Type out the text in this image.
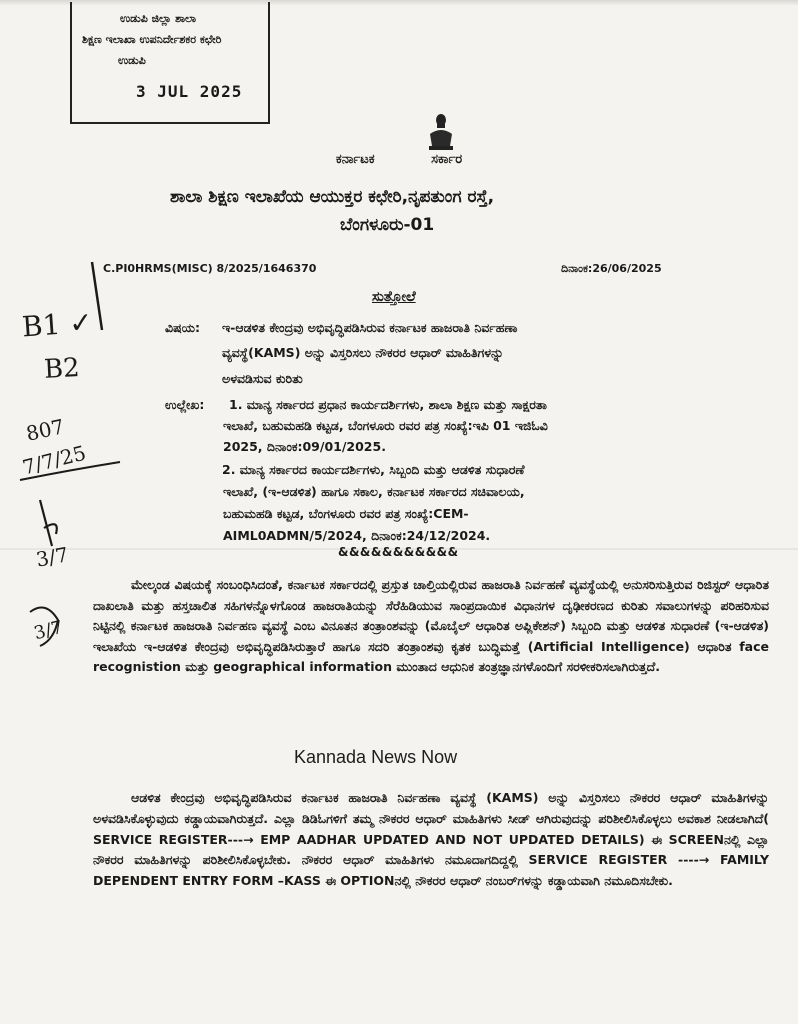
ಉಡುಪಿ ಜಿಲ್ಲಾ ಶಾಲಾ
ಶಿಕ್ಷಣ ಇಲಾಖಾ ಉಪನಿರ್ದೇಶಕರ ಕಛೇರಿ
ಉಡುಪಿ
3 JUL 2025
ಕರ್ನಾಟಕ	ಸರ್ಕಾರ
ಶಾಲಾ ಶಿಕ್ಷಣ ಇಲಾಖೆಯ ಆಯುಕ್ತರ ಕಛೇರಿ,ನೃಪತುಂಗ ರಸ್ತೆ,
ಬೆಂಗಳೂರು-01
C.PI0HRMS(MISC) 8/2025/1646370	ದಿನಾಂಕ:26/06/2025
ಸುತ್ತೋಲೆ
ವಿಷಯ: ಇ-ಆಡಳಿತ ಕೇಂದ್ರವು ಅಭಿವೃದ್ಧಿಪಡಿಸಿರುವ ಕರ್ನಾಟಕ ಹಾಜರಾತಿ ನಿರ್ವಹಣಾ
ವ್ಯವಸ್ಥೆ(KAMS) ಅನ್ನು ವಿಸ್ತರಿಸಲು ನೌಕರರ ಆಧಾರ್ ಮಾಹಿತಿಗಳನ್ನು
ಅಳವಡಿಸುವ ಕುರಿತು
ಉಲ್ಲೇಖ: 1. ಮಾನ್ಯ ಸರ್ಕಾರದ ಪ್ರಧಾನ ಕಾರ್ಯದರ್ಶಿಗಳು, ಶಾಲಾ ಶಿಕ್ಷಣ ಮತ್ತು ಸಾಕ್ಷರತಾ
ಇಲಾಖೆ, ಬಹುಮಹಡಿ ಕಟ್ಟಡ, ಬೆಂಗಳೂರು ರವರ ಪತ್ರ ಸಂಖ್ಯೆ:ಇಪಿ 01 ಇಜಿಓವಿ
2025, ದಿನಾಂಕ:09/01/2025.
2. ಮಾನ್ಯ ಸರ್ಕಾರದ ಕಾರ್ಯದರ್ಶಿಗಳು, ಸಿಬ್ಬಂದಿ ಮತ್ತು ಆಡಳಿತ ಸುಧಾರಣೆ
ಇಲಾಖೆ, (ಇ-ಆಡಳಿತ) ಹಾಗೂ ಸಕಾಲ, ಕರ್ನಾಟಕ ಸರ್ಕಾರದ ಸಚಿವಾಲಯ,
ಬಹುಮಹಡಿ ಕಟ್ಟಡ, ಬೆಂಗಳೂರು ರವರ ಪತ್ರ ಸಂಖ್ಯೆ:CEM-
AIML0ADMN/5/2024, ದಿನಾಂಕ:24/12/2024.
&&&&&&&&&&&
ಮೇಲ್ಕಂಡ ವಿಷಯಕ್ಕೆ ಸಂಬಂಧಿಸಿದಂತೆ, ಕರ್ನಾಟಕ ಸರ್ಕಾರದಲ್ಲಿ ಪ್ರಸ್ತುತ ಚಾಲ್ತಿಯಲ್ಲಿರುವ ಹಾಜರಾತಿ ನಿರ್ವಹಣೆ ವ್ಯವಸ್ಥೆಯಲ್ಲಿ ಅನುಸರಿಸುತ್ತಿರುವ ರಿಜಿಸ್ಟರ್ ಆಧಾರಿತ ದಾಖಲಾತಿ ಮತ್ತು ಹಸ್ತಚಾಲಿತ ಸಹಿಗಳನ್ನೊಳಗೊಂಡ ಹಾಜರಾತಿಯನ್ನು ಸೆರೆಹಿಡಿಯುವ ಸಾಂಪ್ರದಾಯಿಕ ವಿಧಾನಗಳ ದೃಢೀಕರಣದ ಕುರಿತು ಸವಾಲುಗಳನ್ನು ಪರಿಹರಿಸುವ ನಿಟ್ಟಿನಲ್ಲಿ ಕರ್ನಾಟಕ ಹಾಜರಾತಿ ನಿರ್ವಹಣ ವ್ಯವಸ್ಥೆ ಎಂಬ ವಿನೂತನ ತಂತ್ರಾಂಶವನ್ನು (ಮೊಬೈಲ್ ಆಧಾರಿತ ಅಪ್ಲಿಕೇಶನ್) ಸಿಬ್ಬಂದಿ ಮತ್ತು ಆಡಳಿತ ಸುಧಾರಣೆ (ಇ-ಆಡಳಿತ) ಇಲಾಖೆಯ ಇ-ಆಡಳಿತ ಕೇಂದ್ರವು ಅಭಿವೃದ್ಧಿಪಡಿಸಿರುತ್ತಾರೆ ಹಾಗೂ ಸದರಿ ತಂತ್ರಾಂಶವು ಕೃತಕ ಬುದ್ಧಿಮತ್ತೆ (Artificial Intelligence) ಆಧಾರಿತ face recognistion ಮತ್ತು geographical information ಮುಂತಾದ ಆಧುನಿಕ ತಂತ್ರಜ್ಞಾನಗಳೊಂದಿಗೆ ಸರಳೀಕರಿಸಲಾಗಿರುತ್ತದೆ.
ಆಡಳಿತ ಕೇಂದ್ರವು ಅಭಿವೃದ್ಧಿಪಡಿಸಿರುವ ಕರ್ನಾಟಕ ಹಾಜರಾತಿ ನಿರ್ವಹಣಾ ವ್ಯವಸ್ಥೆ (KAMS) ಅನ್ನು ವಿಸ್ತರಿಸಲು ನೌಕರರ ಆಧಾರ್ ಮಾಹಿತಿಗಳನ್ನು ಅಳವಡಿಸಿಕೊಳ್ಳುವುದು ಕಡ್ಡಾಯವಾಗಿರುತ್ತದೆ. ಎಲ್ಲಾ ಡಿಡಿಓಗಳಿಗೆ ತಮ್ಮ ನೌಕರರ ಆಧಾರ್ ಮಾಹಿತಿಗಳು ಸೀಡ್ ಆಗಿರುವುದನ್ನು ಪರಿಶೀಲಿಸಿಕೊಳ್ಳಲು ಅವಕಾಶ ನೀಡಲಾಗಿದೆ( SERVICE REGISTER---→ EMP AADHAR UPDATED AND NOT UPDATED DETAILS) ಈ SCREENನಲ್ಲಿ ಎಲ್ಲಾ ನೌಕರರ ಮಾಹಿತಿಗಳನ್ನು ಪರಿಶೀಲಿಸಿಕೊಳ್ಳಬೇಕು. ನೌಕರರ ಆಧಾರ್ ಮಾಹಿತಿಗಳು ನಮೂದಾಗದಿದ್ದಲ್ಲಿ SERVICE REGISTER ----→ FAMILY DEPENDENT ENTRY FORM –KASS ಈ OPTIONನಲ್ಲಿ ನೌಕರರ ಆಧಾರ್ ನಂಬರ್‌ಗಳನ್ನು ಕಡ್ಡಾಯವಾಗಿ ನಮೂದಿಸಬೇಕು.
Kannada News Now
B1 ✓
B2
807
7/7/25
3/7
3/7
